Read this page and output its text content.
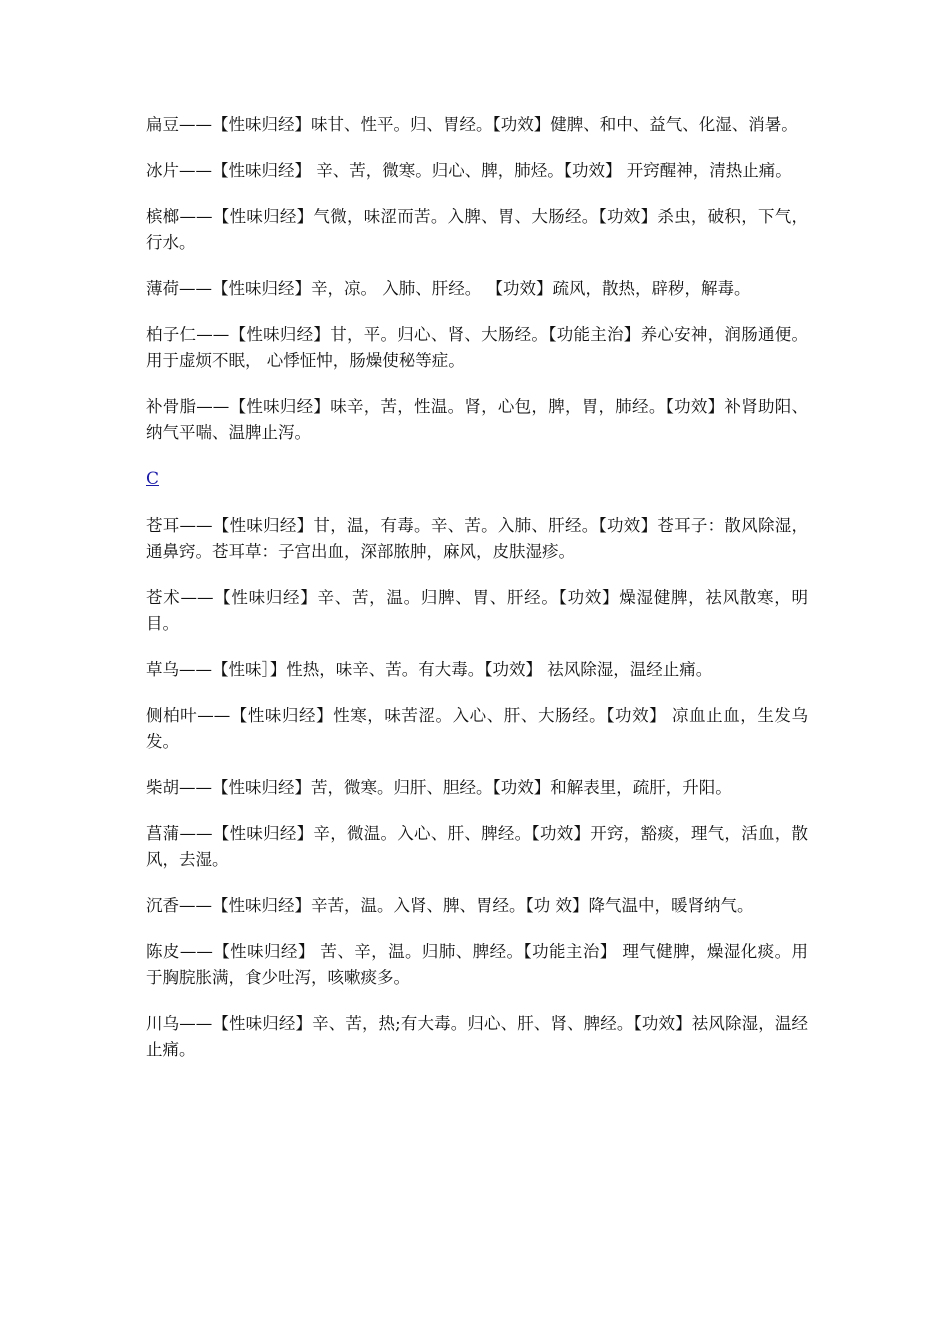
扁豆——【性味归经】味甘、性平。归、胃经。【功效】健脾、和中、益气、化湿、消暑。

冰片——【性味归经】 辛、苦，微寒。归心、脾，肺烃。【功效】 开窍醒神，清热止痛。

槟榔——【性味归经】气微，味涩而苦。入脾、胃、大肠经。【功效】杀虫，破积，下气，行水。

薄荷——【性味归经】辛，凉。 入肺、肝经。 【功效】疏风，散热，辟秽，解毒。

柏子仁——【性味归经】甘，平。归心、肾、大肠经。【功能主治】养心安神，润肠通便。用于虚烦不眠， 心悸怔忡，肠燥使秘等症。

补骨脂——【性味归经】味辛，苦，性温。肾，心包，脾，胃，肺经。【功效】补肾助阳、纳气平喘、温脾止泻。

C

苍耳——【性味归经】甘，温，有毒。辛、苦。入肺、肝经。【功效】苍耳子：散风除湿，通鼻窍。苍耳草：子宫出血，深部脓肿，麻风，皮肤湿疹。

苍术——【性味归经】辛、苦，温。归脾、胃、肝经。【功效】燥湿健脾，祛风散寒，明目。

草乌——【性味］】性热，味辛、苦。有大毒。【功效】 祛风除湿，温经止痛。

侧柏叶——【性味归经】性寒，味苦涩。入心、肝、大肠经。【功效】 凉血止血，生发乌发。

柴胡——【性味归经】苦，微寒。归肝、胆经。【功效】和解表里，疏肝，升阳。

菖蒲——【性味归经】辛，微温。入心、肝、脾经。【功效】开窍，豁痰，理气，活血，散风，去湿。

沉香——【性味归经】辛苦，温。入肾、脾、胃经。【功 效】降气温中，暖肾纳气。

陈皮——【性味归经】 苦、辛，温。归肺、脾经。【功能主治】 理气健脾，燥湿化痰。用于胸脘胀满，食少吐泻，咳嗽痰多。

川乌——【性味归经】辛、苦，热;有大毒。归心、肝、肾、脾经。【功效】祛风除湿，温经止痛。
